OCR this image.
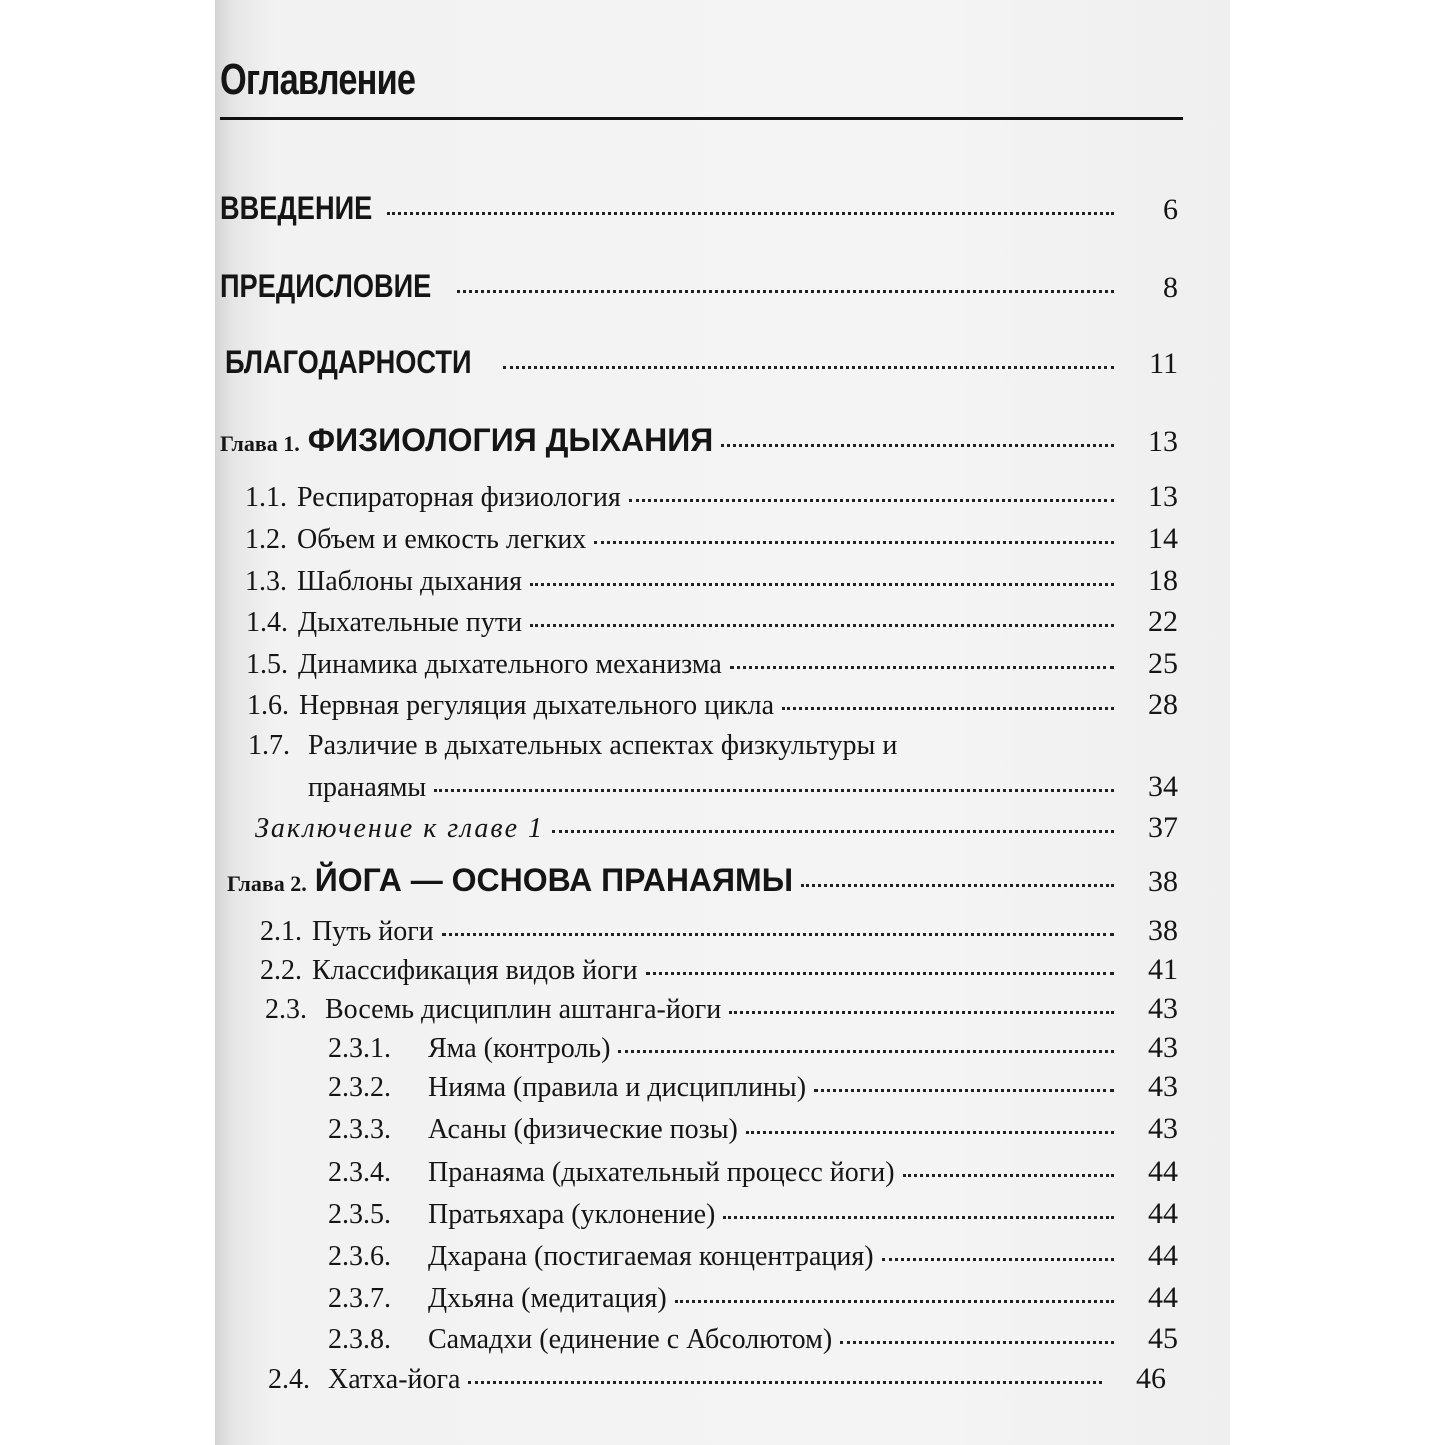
Оглавление
ВВЕДЕНИЕ	6
ПРЕДИСЛОВИЕ	8
БЛАГОДАРНОСТИ	11
Глава 1. ФИЗИОЛОГИЯ ДЫХАНИЯ	13
1.1. Респираторная физиология	13
1.2. Объем и емкость легких	14
1.3. Шаблоны дыхания	18
1.4. Дыхательные пути	22
1.5. Динамика дыхательного механизма	25
1.6. Нервная регуляция дыхательного цикла	28
1.7. Различие в дыхательных аспектах физкультуры и
пранаямы	34
Заключение к главе 1	37
Глава 2. ЙОГА — ОСНОВА ПРАНАЯМЫ	38
2.1. Путь йоги	38
2.2. Классификация видов йоги	41
2.3. Восемь дисциплин аштанга-йоги	43
2.3.1.	Яма (контроль)	43
2.3.2.	Нияма (правила и дисциплины)	43
2.3.3.	Асаны (физические позы)	43
2.3.4.	Пранаяма (дыхательный процесс йоги)	44
2.3.5.	Пратьяхара (уклонение)	44
2.3.6.	Дхарана (постигаемая концентрация)	44
2.3.7.	Дхьяна (медитация)	44
2.3.8.	Самадхи (единение с Абсолютом)	45
2.4. Хатха-йога	46
